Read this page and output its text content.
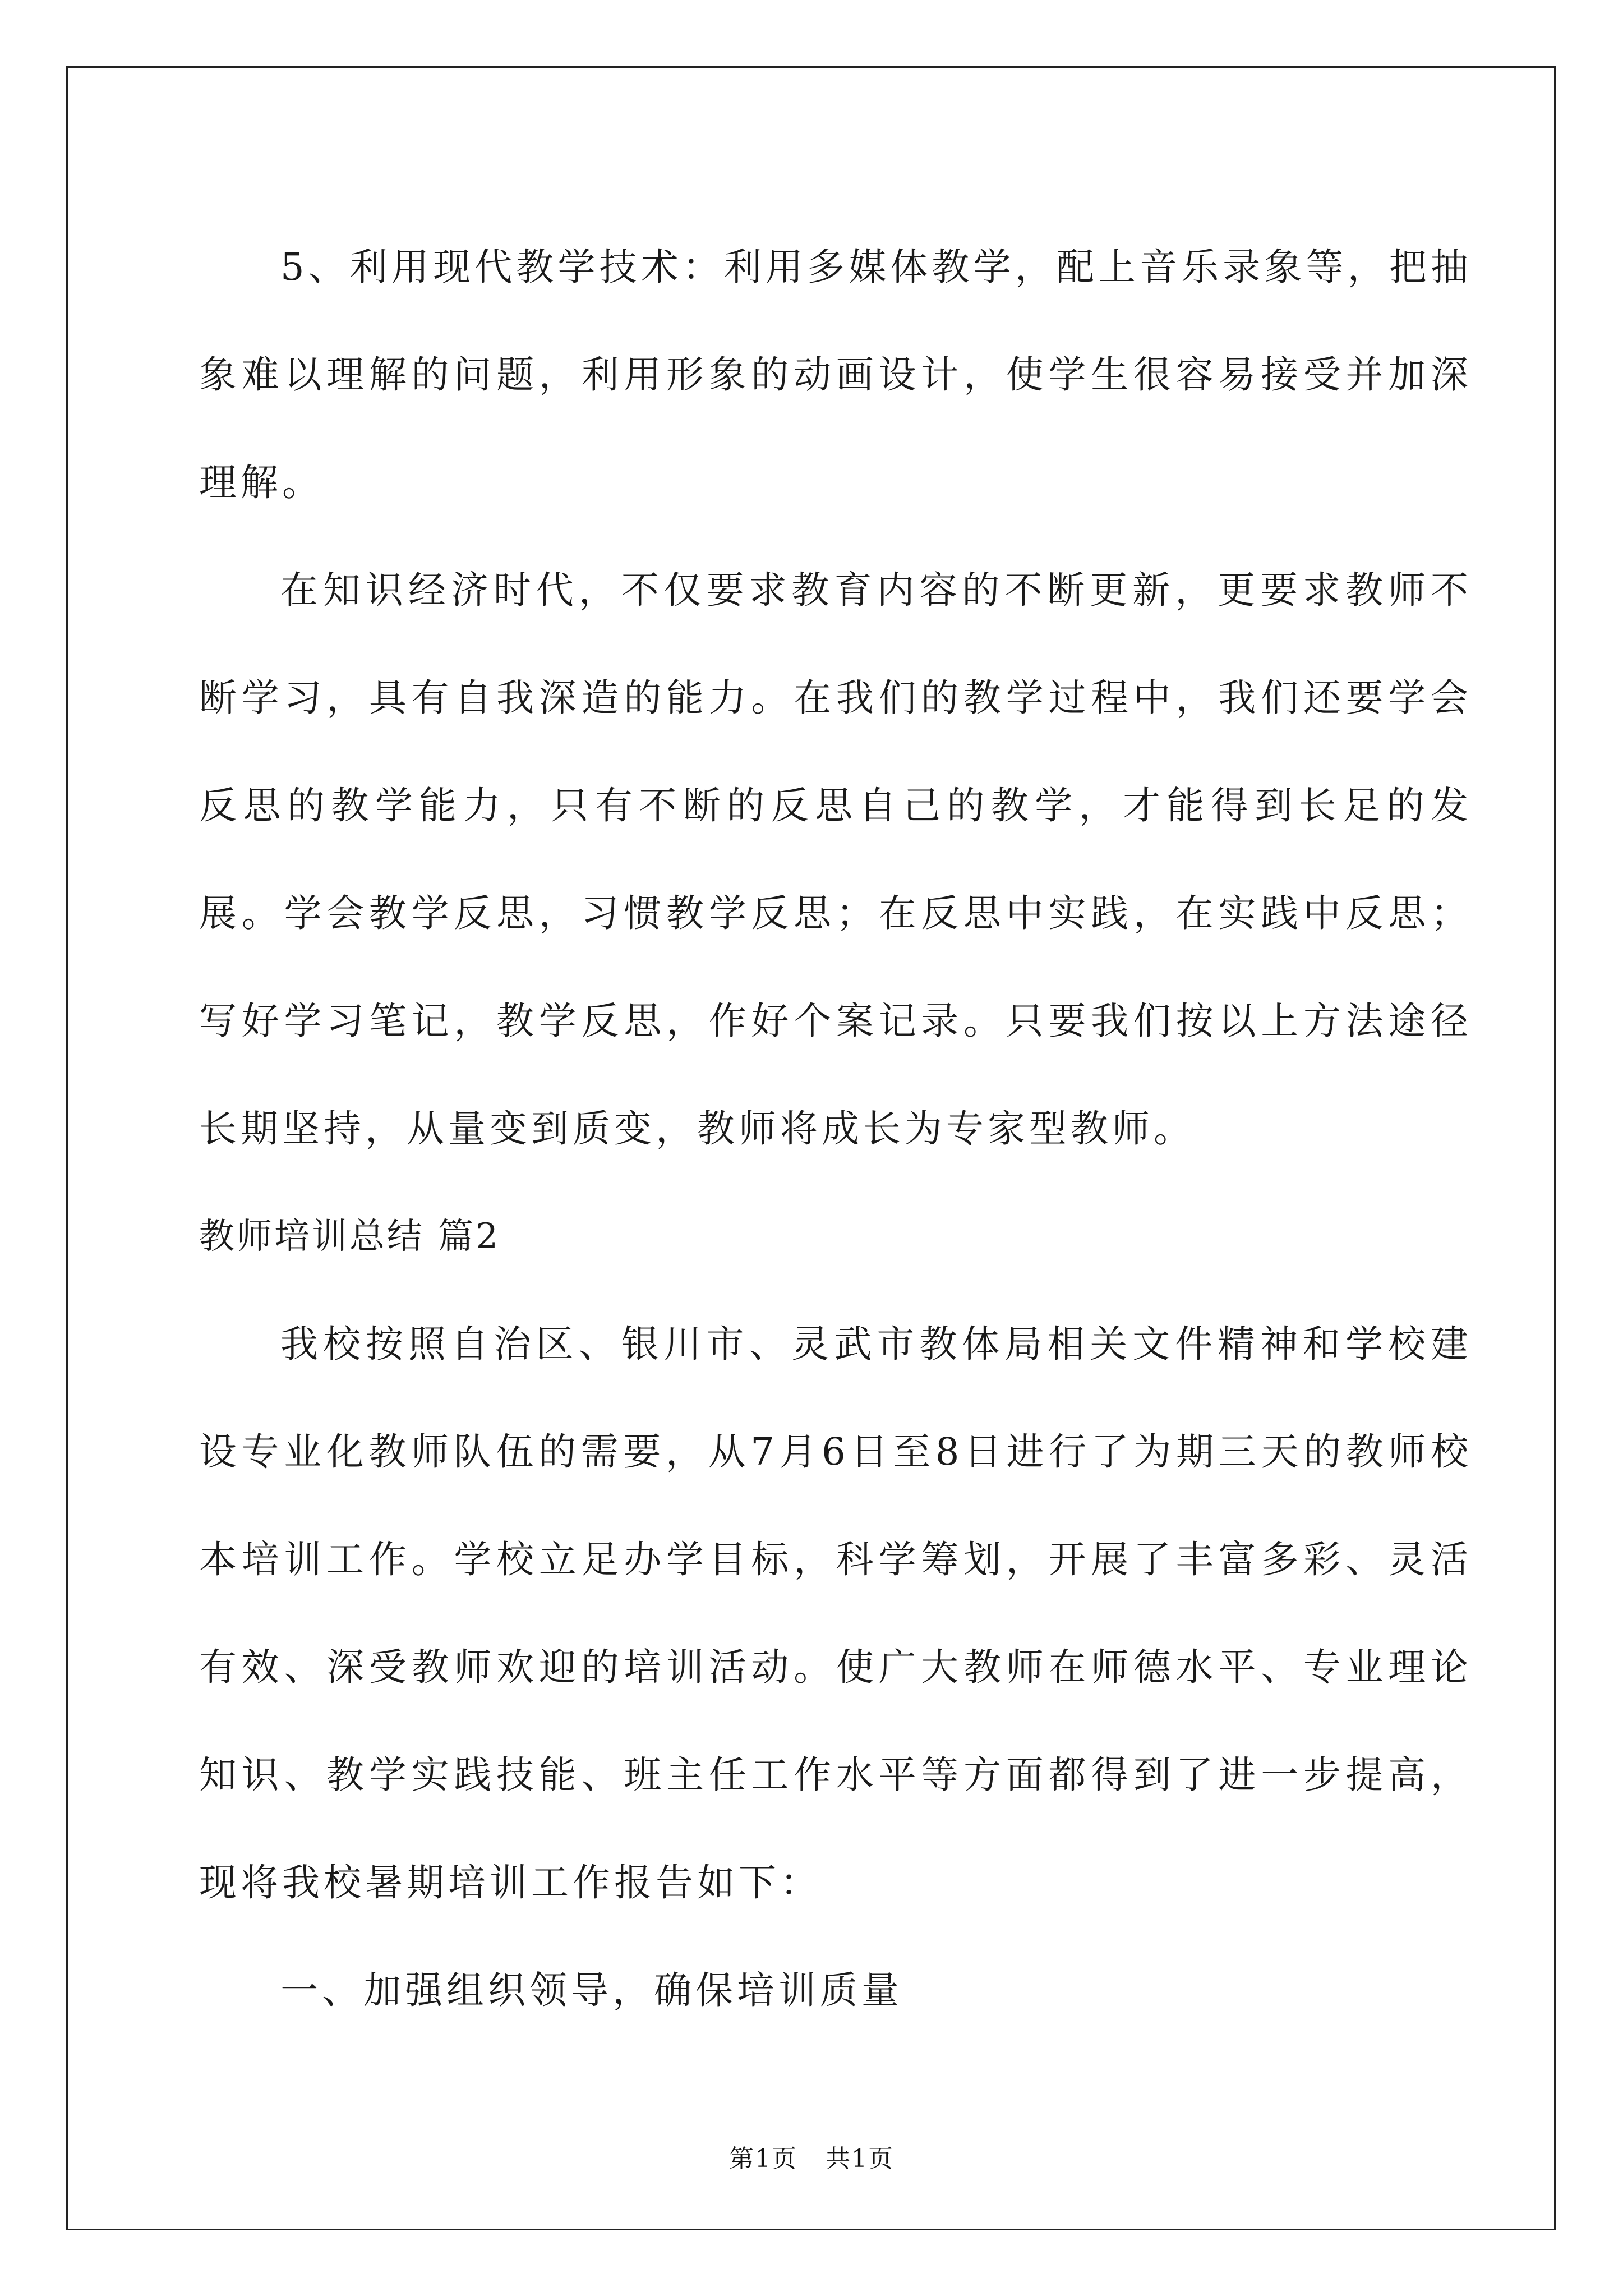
5、利用现代教学技术：利用多媒体教学，配上音乐录象等，把抽象难以理解的问题，利用形象的动画设计，使学生很容易接受并加深理解。

在知识经济时代，不仅要求教育内容的不断更新，更要求教师不断学习，具有自我深造的能力。在我们的教学过程中，我们还要学会反思的教学能力，只有不断的反思自己的教学，才能得到长足的发展。学会教学反思，习惯教学反思；在反思中实践，在实践中反思；写好学习笔记，教学反思，作好个案记录。只要我们按以上方法途径长期坚持，从量变到质变，教师将成长为专家型教师。

教师培训总结 篇2

我校按照自治区、银川市、灵武市教体局相关文件精神和学校建设专业化教师队伍的需要，从7月6日至8日进行了为期三天的教师校本培训工作。学校立足办学目标，科学筹划，开展了丰富多彩、灵活有效、深受教师欢迎的培训活动。使广大教师在师德水平、专业理论知识、教学实践技能、班主任工作水平等方面都得到了进一步提高，现将我校暑期培训工作报告如下：

一、加强组织领导，确保培训质量

第1页 共1页
